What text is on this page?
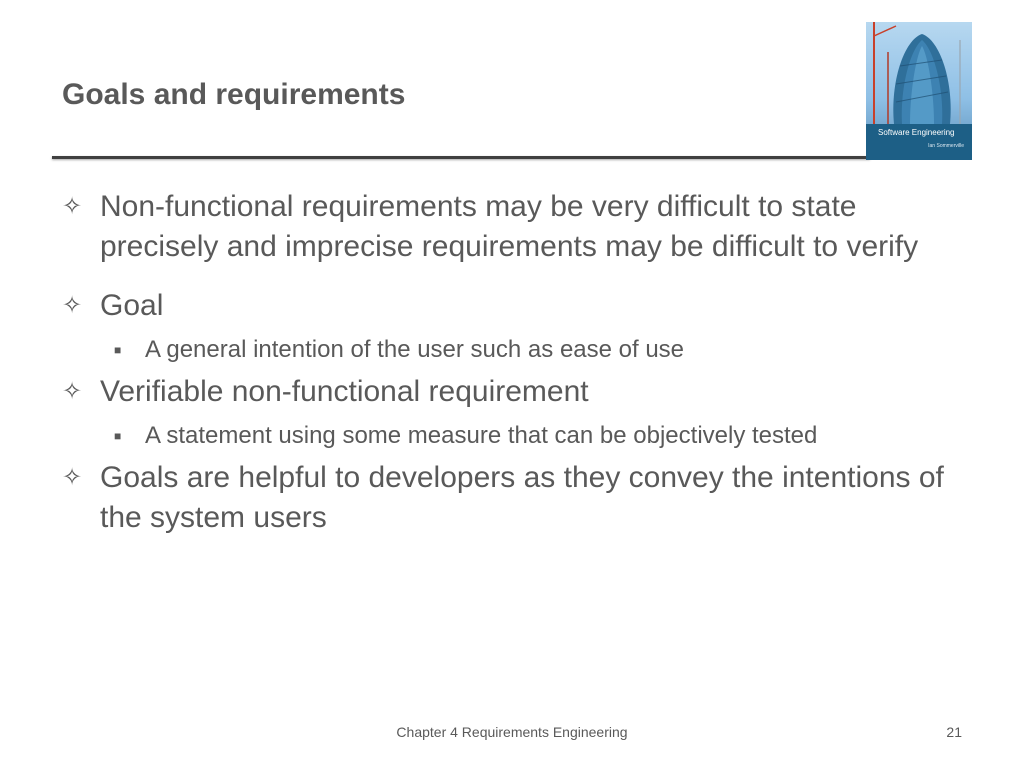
Goals and requirements
Software Engineering
Ian Sommerville
✧ Non-functional requirements may be very difficult to state precisely and imprecise requirements may be difficult to verify
✧ Goal
■ A general intention of the user such as ease of use
✧ Verifiable non-functional requirement
■ A statement using some measure that can be objectively tested
✧ Goals are helpful to developers as they convey the intentions of the system users
Chapter 4 Requirements Engineering	21
